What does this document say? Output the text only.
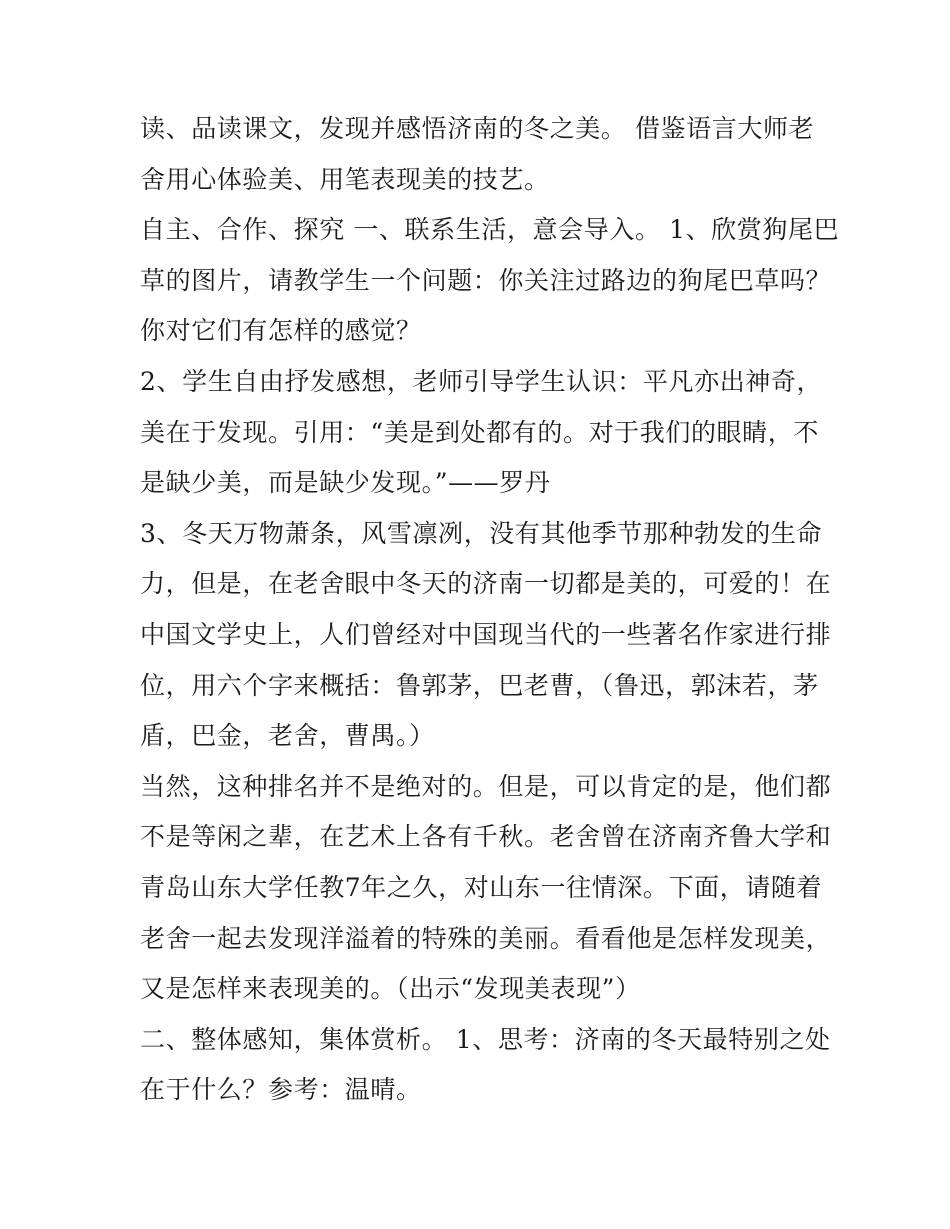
读、品读课文，发现并感悟济南的冬之美。 借鉴语言大师老
舍用心体验美、用笔表现美的技艺。
自主、合作、探究 一、联系生活，意会导入。 1、欣赏狗尾巴
草的图片，请教学生一个问题：你关注过路边的狗尾巴草吗？
你对它们有怎样的感觉？
2、学生自由抒发感想，老师引导学生认识：平凡亦出神奇，
美在于发现。引用：“美是到处都有的。对于我们的眼睛，不
是缺少美，而是缺少发现。”——罗丹
3、冬天万物萧条，风雪凛冽，没有其他季节那种勃发的生命
力，但是，在老舍眼中冬天的济南一切都是美的，可爱的！在
中国文学史上，人们曾经对中国现当代的一些著名作家进行排
位，用六个字来概括：鲁郭茅，巴老曹，（鲁迅，郭沫若，茅
盾，巴金，老舍，曹禺。）
当然，这种排名并不是绝对的。但是，可以肯定的是，他们都
不是等闲之辈，在艺术上各有千秋。老舍曾在济南齐鲁大学和
青岛山东大学任教7年之久，对山东一往情深。下面，请随着
老舍一起去发现洋溢着的特殊的美丽。看看他是怎样发现美，
又是怎样来表现美的。（出示“发现美表现”）
二、整体感知，集体赏析。 1、思考：济南的冬天最特别之处
在于什么？参考：温晴。
